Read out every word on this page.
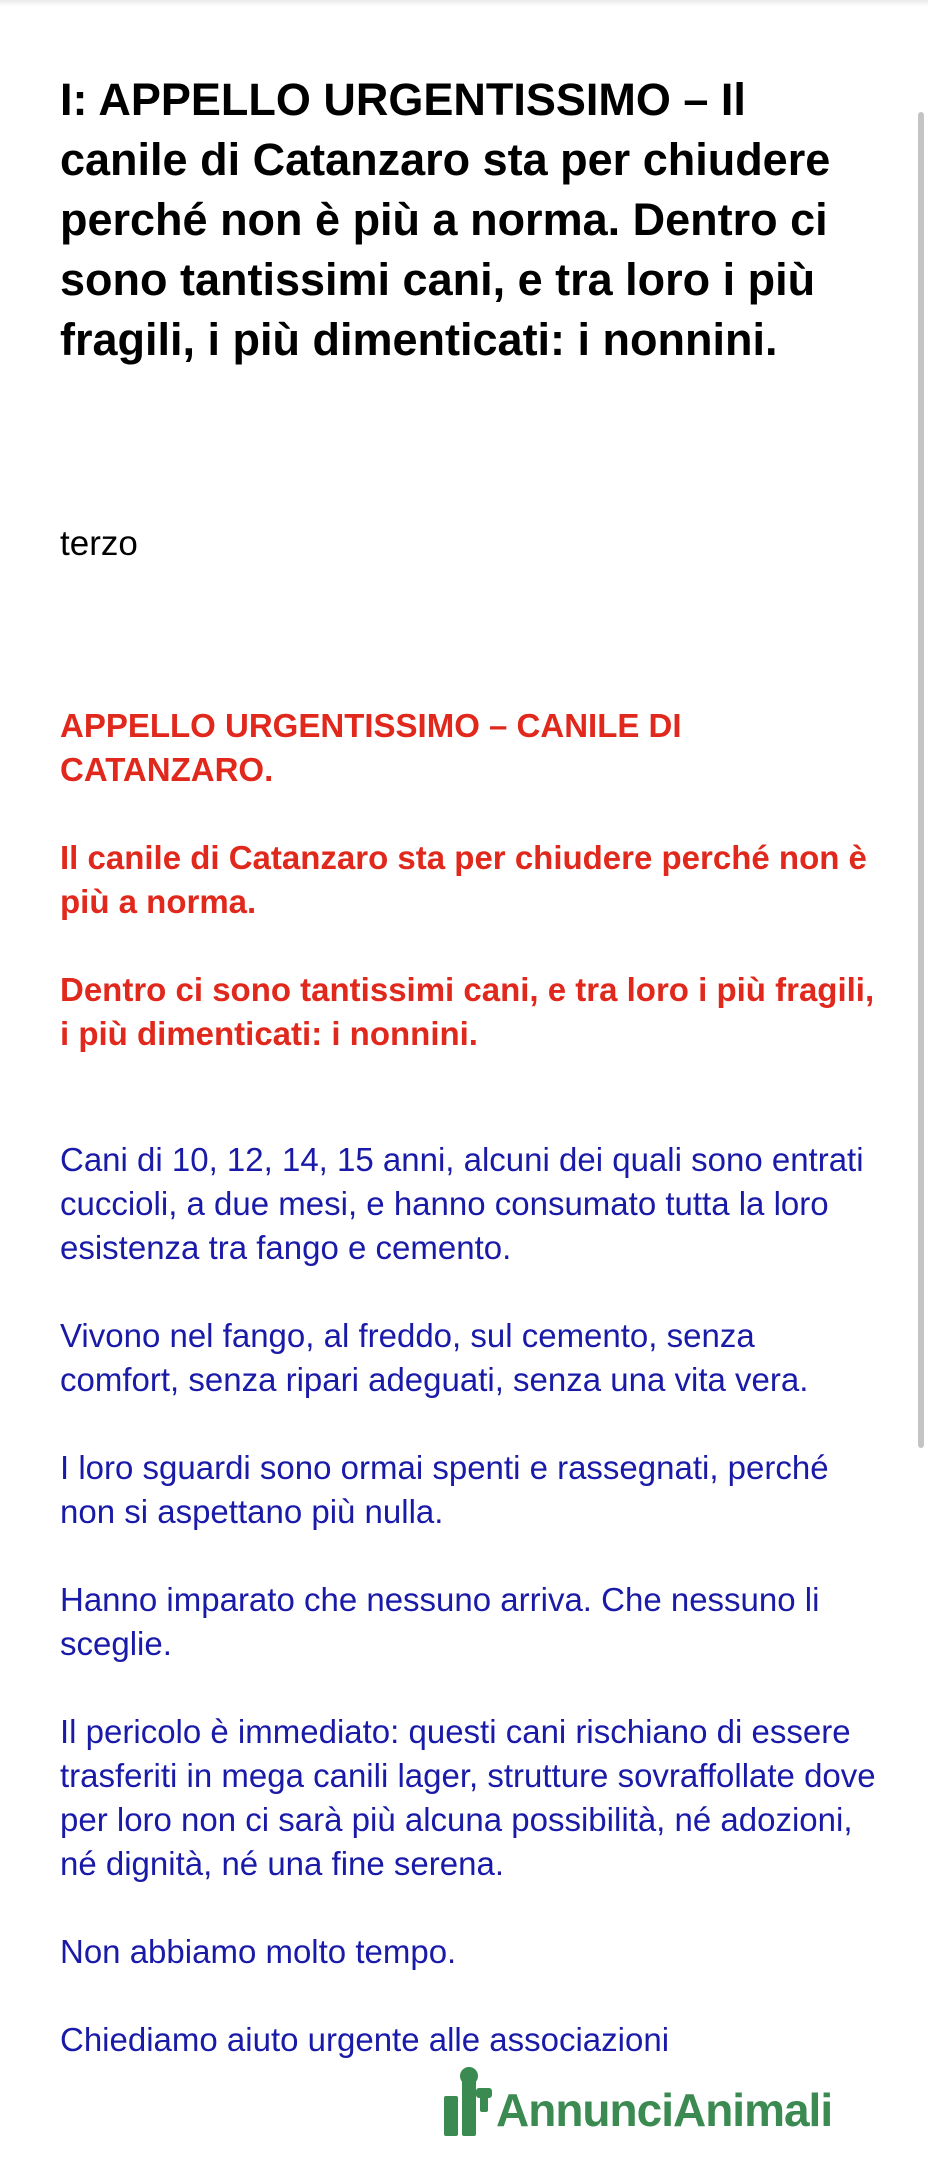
I: APPELLO URGENTISSIMO – Il canile di Catanzaro sta per chiudere perché non è più a norma. Dentro ci sono tantissimi cani, e tra loro i più fragili, i più dimenticati: i nonnini.

terzo

APPELLO URGENTISSIMO – CANILE DI CATANZARO.

Il canile di Catanzaro sta per chiudere perché non è più a norma.

Dentro ci sono tantissimi cani, e tra loro i più fragili, i più dimenticati: i nonnini.

Cani di 10, 12, 14, 15 anni, alcuni dei quali sono entrati cuccioli, a due mesi, e hanno consumato tutta la loro esistenza tra fango e cemento.

Vivono nel fango, al freddo, sul cemento, senza comfort, senza ripari adeguati, senza una vita vera.

I loro sguardi sono ormai spenti e rassegnati, perché non si aspettano più nulla.

Hanno imparato che nessuno arriva. Che nessuno li sceglie.

Il pericolo è immediato: questi cani rischiano di essere trasferiti in mega canili lager, strutture sovraffollate dove per loro non ci sarà più alcuna possibilità, né adozioni, né dignità, né una fine serena.

Non abbiamo molto tempo.

Chiediamo aiuto urgente alle associazioni

AnnunciAnimali
